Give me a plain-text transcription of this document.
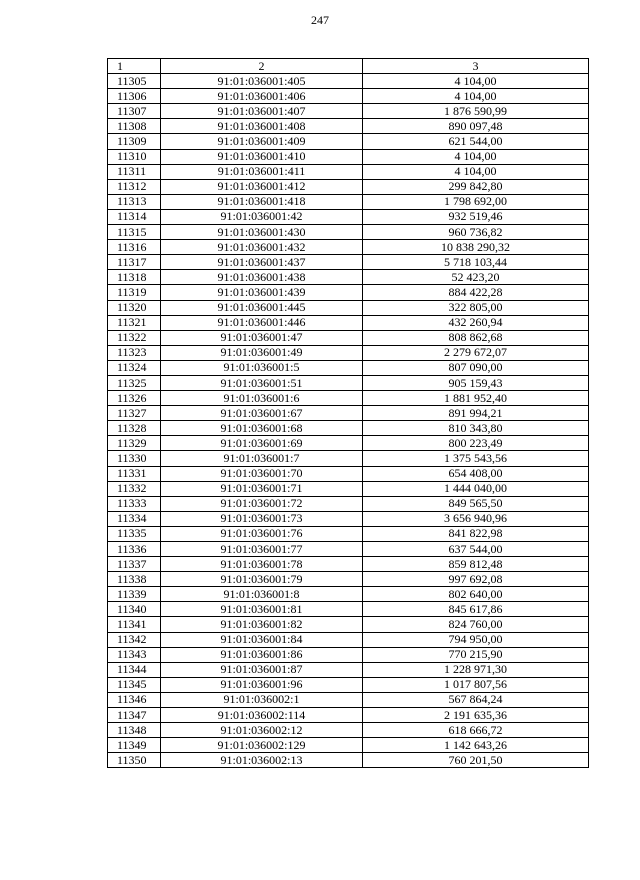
247
1	2	3
11305	91:01:036001:405	4 104,00
11306	91:01:036001:406	4 104,00
11307	91:01:036001:407	1 876 590,99
11308	91:01:036001:408	890 097,48
11309	91:01:036001:409	621 544,00
11310	91:01:036001:410	4 104,00
11311	91:01:036001:411	4 104,00
11312	91:01:036001:412	299 842,80
11313	91:01:036001:418	1 798 692,00
11314	91:01:036001:42	932 519,46
11315	91:01:036001:430	960 736,82
11316	91:01:036001:432	10 838 290,32
11317	91:01:036001:437	5 718 103,44
11318	91:01:036001:438	52 423,20
11319	91:01:036001:439	884 422,28
11320	91:01:036001:445	322 805,00
11321	91:01:036001:446	432 260,94
11322	91:01:036001:47	808 862,68
11323	91:01:036001:49	2 279 672,07
11324	91:01:036001:5	807 090,00
11325	91:01:036001:51	905 159,43
11326	91:01:036001:6	1 881 952,40
11327	91:01:036001:67	891 994,21
11328	91:01:036001:68	810 343,80
11329	91:01:036001:69	800 223,49
11330	91:01:036001:7	1 375 543,56
11331	91:01:036001:70	654 408,00
11332	91:01:036001:71	1 444 040,00
11333	91:01:036001:72	849 565,50
11334	91:01:036001:73	3 656 940,96
11335	91:01:036001:76	841 822,98
11336	91:01:036001:77	637 544,00
11337	91:01:036001:78	859 812,48
11338	91:01:036001:79	997 692,08
11339	91:01:036001:8	802 640,00
11340	91:01:036001:81	845 617,86
11341	91:01:036001:82	824 760,00
11342	91:01:036001:84	794 950,00
11343	91:01:036001:86	770 215,90
11344	91:01:036001:87	1 228 971,30
11345	91:01:036001:96	1 017 807,56
11346	91:01:036002:1	567 864,24
11347	91:01:036002:114	2 191 635,36
11348	91:01:036002:12	618 666,72
11349	91:01:036002:129	1 142 643,26
11350	91:01:036002:13	760 201,50
